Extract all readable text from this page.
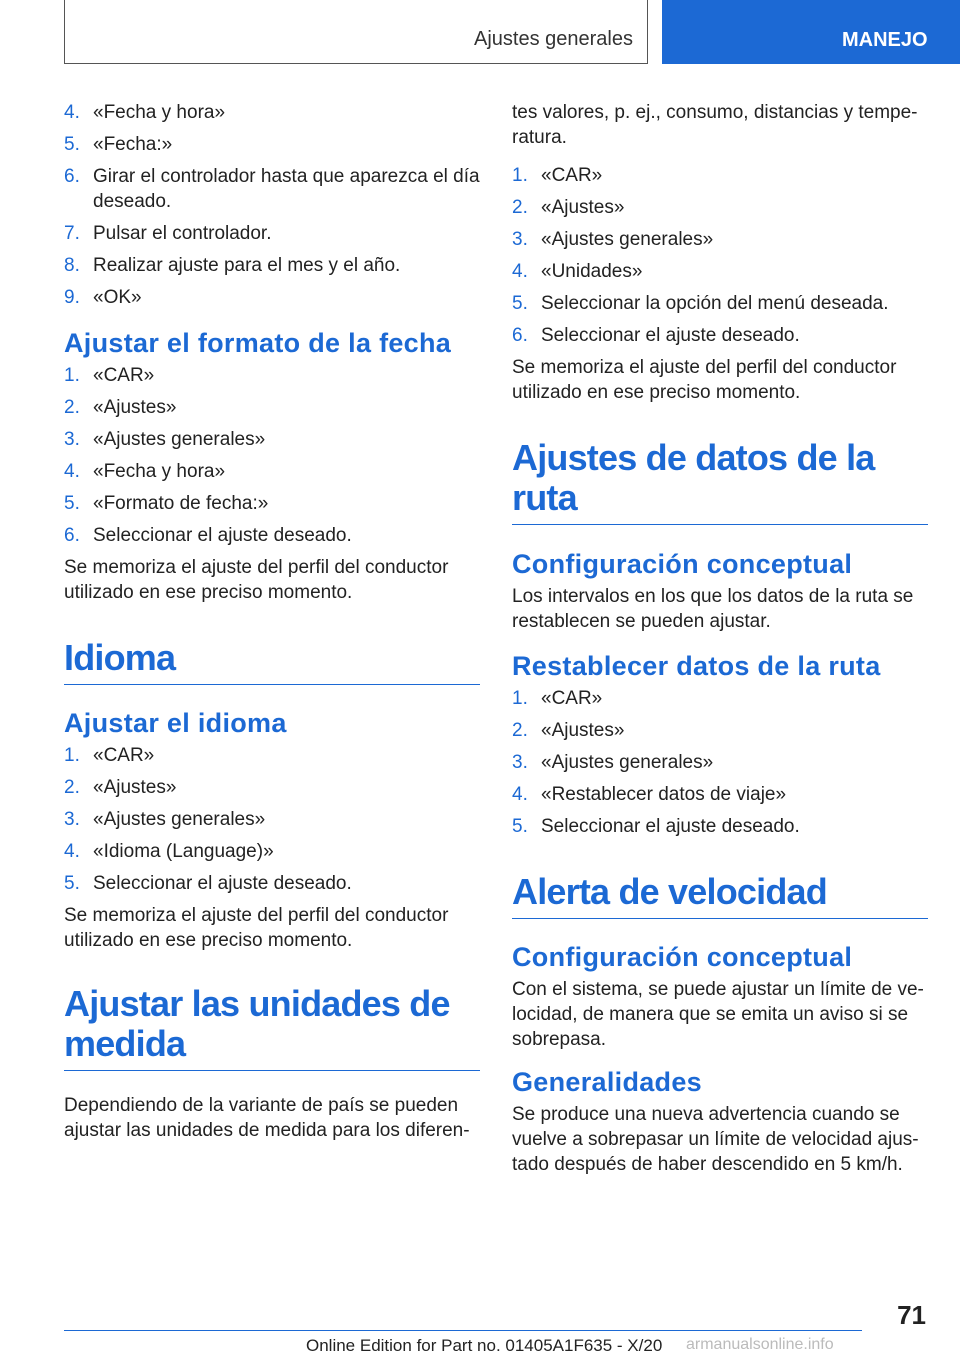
Ajustes generales	MANEJO
4. «Fecha y hora»
5. «Fecha:»
6. Girar el controlador hasta que aparezca el día deseado.
7. Pulsar el controlador.
8. Realizar ajuste para el mes y el año.
9. «OK»
Ajustar el formato de la fecha
1. «CAR»
2. «Ajustes»
3. «Ajustes generales»
4. «Fecha y hora»
5. «Formato de fecha:»
6. Seleccionar el ajuste deseado.

Se memoriza el ajuste del perfil del conductor utilizado en ese preciso momento.

Idioma
Ajustar el idioma
1. «CAR»
2. «Ajustes»
3. «Ajustes generales»
4. «Idioma (Language)»
5. Seleccionar el ajuste deseado.

Se memoriza el ajuste del perfil del conductor utilizado en ese preciso momento.

Ajustar las unidades de medida

Dependiendo de la variante de país se pueden ajustar las unidades de medida para los diferen-

tes valores, p. ej., consumo, distancias y tempe-ratura.

1. «CAR»
2. «Ajustes»
3. «Ajustes generales»
4. «Unidades»
5. Seleccionar la opción del menú deseada.
6. Seleccionar el ajuste deseado.

Se memoriza el ajuste del perfil del conductor utilizado en ese preciso momento.

Ajustes de datos de la ruta
Configuración conceptual

Los intervalos en los que los datos de la ruta se restablecen se pueden ajustar.

Restablecer datos de la ruta
1. «CAR»
2. «Ajustes»
3. «Ajustes generales»
4. «Restablecer datos de viaje»
5. Seleccionar el ajuste deseado.
Alerta de velocidad
Configuración conceptual

Con el sistema, se puede ajustar un límite de ve-locidad, de manera que se emita un aviso si se sobrepasa.

Generalidades

Se produce una nueva advertencia cuando se vuelve a sobrepasar un límite de velocidad ajus-tado después de haber descendido en 5 km/h.

71
Online Edition for Part no. 01405A1F635 - X/20 armanualsonline.info
